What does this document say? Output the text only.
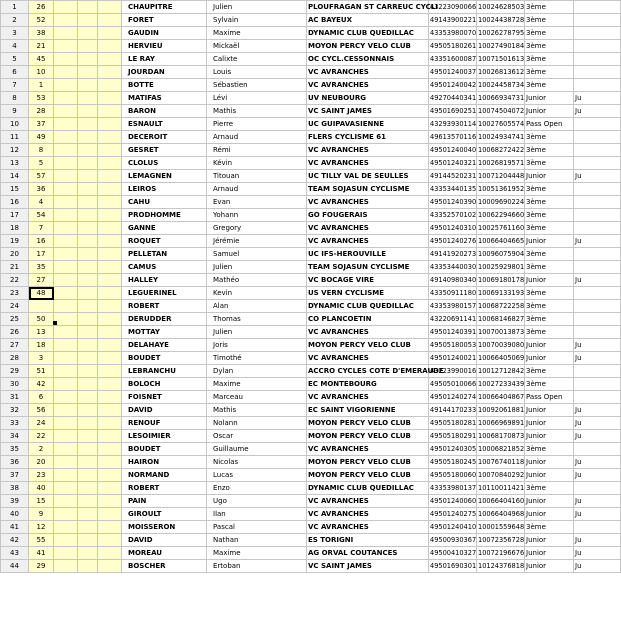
1	26				CHAUPITRE	Julien	PLOUFRAGAN ST CARREUC CYCLI	43223090066	10024628503	3ème	
2	52				FORET	Sylvain	AC BAYEUX	49143900221	10024438728	3ème	
3	38				GAUDIN	Maxime	DYNAMIC CLUB QUEDILLAC	43353980070	10026278795	3ème	
4	21				HERVIEU	Mickaël	MOYON PERCY VELO CLUB	49505180261	10027490184	3ème	
5	45				LE RAY	Calixte	OC CYCL.CESSONNAIS	43351600087	10071501613	3ème	
6	10				JOURDAN	Louis	VC AVRANCHES	49501240037	10026813612	3ème	
7	1				BOTTE	Sébastien	VC AVRANCHES	49501240042	10024458734	3ème	
8	53				MATIFAS	Lévi	UV NEUBOURG	49270440341	10066934731	Junior	Ju
9	28				BARON	Mathis	VC SAINT JAMES	49501690251	10074504072	Junior	Ju
10	37				ESNAULT	Pierre	UC GUIPAVASIENNE	43293930114	10027605574	Pass Open	
11	49				DECEROIT	Arnaud	FLERS CYCLISME 61	49613570116	10024934741	3ème	
12	8				GESRET	Rémi	VC AVRANCHES	49501240040	10068272422	3ème	
13	5				CLOLUS	Kévin	VC AVRANCHES	49501240321	10026819571	3ème	
14	57				LEMAGNEN	Titouan	UC TILLY VAL DE SEULLES	49144520231	10071204448	Junior	Ju
15	36				LEIROS	Arnaud	TEAM SOJASUN CYCLISME	43353440135	10051361952	3ème	
16	4				CAHU	Evan	VC AVRANCHES	49501240390	10009690224	3ème	
17	54				PRODHOMME	Yohann	GO FOUGERAIS	43352570102	10062294660	3ème	
18	7				GANNE	Gregory	VC AVRANCHES	49501240310	10025761160	3ème	
19	16				ROQUET	Jérémie	VC AVRANCHES	49501240276	10066404665	Junior	Ju
20	17				PELLETAN	Samuel	UC IFS-HEROUVILLE	49141920273	10096075904	3ème	
21	35				CAMUS	Julien	TEAM SOJASUN CYCLISME	43353440030	10025929801	3ème	
22	27				HALLEY	Mathéo	VC BOCAGE VIRE	49140980340	10069180178	Junior	Ju
23	48				LEGUERINEL	Kevin	US VERN CYCLISME	43350911180	10069133193	3ème	
24					ROBERT	Alan	DYNAMIC CLUB QUEDILLAC	43353980157	10068722258	3ème	
25	50				DERUDDER	Thomas	CO PLANCOETIN	43220691141	10068146827	3ème	
26	13				MOTTAY	Julien	VC AVRANCHES	49501240391	10070013873	3ème	
27	18				DELAHAYE	Joris	MOYON PERCY VELO CLUB	49505180053	10070039080	Junior	Ju
28	3				BOUDET	Timothé	VC AVRANCHES	49501240021	10066405069	Junior	Ju
29	51				LEBRANCHU	Dylan	ACCRO CYCLES COTE D'EMERAUDE	43223990016	10012712842	3ème	
30	42				BOLOCH	Maxime	EC MONTEBOURG	49505010066	10027233439	3ème	
31	6				FOISNET	Marceau	VC AVRANCHES	49501240274	10066404867	Pass Open	
32	56				DAVID	Mathis	EC SAINT VIGORIENNE	49144170233	10092061881	Junior	Ju
33	24				RENOUF	Nolann	MOYON PERCY VELO CLUB	49505180281	10066969891	Junior	Ju
34	22				LESOIMIER	Oscar	MOYON PERCY VELO CLUB	49505180291	10068170873	Junior	Ju
35	2				BOUDET	Guillaume	VC AVRANCHES	49501240305	10006821852	3ème	
36	20				HAIRON	Nicolas	MOYON PERCY VELO CLUB	49505180245	10076740118	Junior	Ju
37	23				NORMAND	Lucas	MOYON PERCY VELO CLUB	49505180060	10070840292	Junior	Ju
38	40				ROBERT	Enzo	DYNAMIC CLUB QUEDILLAC	43353980137	10110011421	3ème	
39	15				PAIN	Ugo	VC AVRANCHES	49501240060	10066404160	Junior	Ju
40	9				GIROULT	Ilan	VC AVRANCHES	49501240275	10066404968	Junior	Ju
41	12				MOISSERON	Pascal	VC AVRANCHES	49501240410	10001559648	3ème	
42	55				DAVID	Nathan	ES TORIGNI	49500930367	10072356728	Junior	Ju
43	41				MOREAU	Maxime	AG ORVAL COUTANCES	49500410327	10072196676	Junior	Ju
44	29				BOSCHER	Ertoban	VC SAINT JAMES	49501690301	10124376818	Junior	Ju
